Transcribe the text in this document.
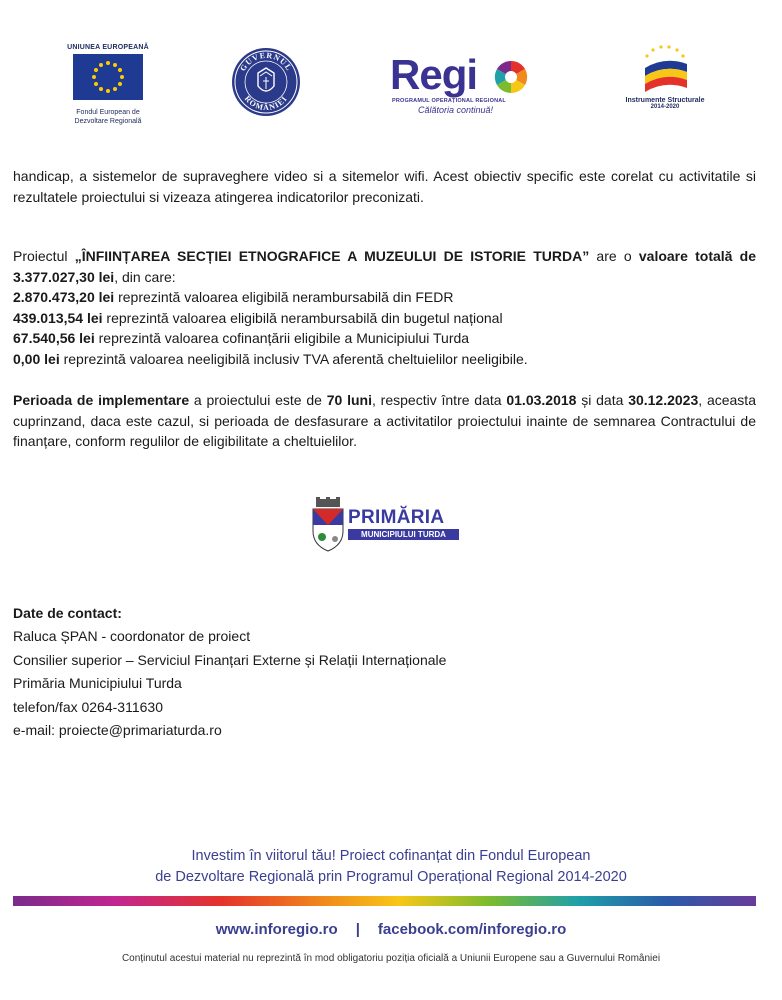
UNIUNEA EUROPEANĂ
Fondul European de
Dezvoltare Regională
GUVERNUL
ROMÂNIEI
Regi
PROGRAMUL OPERAȚIONAL REGIONAL
Călătoria continuă!
Instrumente Structurale
2014-2020

handicap, a sistemelor de supraveghere video si a sitemelor wifi. Acest obiectiv specific este corelat cu activitatile si rezultatele proiectului si vizeaza atingerea indicatorilor preconizati.

Proiectul „ÎNFIINȚAREA SECȚIEI ETNOGRAFICE A MUZEULUI DE ISTORIE TURDA” are o valoare totală de 3.377.027,30 lei, din care:

2.870.473,20 lei reprezintă valoarea eligibilă nerambursabilă din FEDR

439.013,54 lei reprezintă valoarea eligibilă nerambursabilă din bugetul național

67.540,56 lei reprezintă valoarea cofinanțării eligibile a Municipiului Turda

0,00 lei reprezintă valoarea neeligibilă inclusiv TVA aferentă cheltuielilor neeligibile.

Perioada de implementare a proiectului este de 70 luni, respectiv între data 01.03.2018 și data 30.12.2023, aceasta cuprinzand, daca este cazul, si perioada de desfasurare a activitatilor proiectului inainte de semnarea Contractului de finanțare, conform regulilor de eligibilitate a cheltuielilor.

PRIMĂRIA
MUNICIPIULUI TURDA

Date de contact:

Raluca ȘPAN - coordonator de proiect

Consilier superior – Serviciul Finanțari Externe și Relații Internaționale

Primăria Municipiului Turda

telefon/fax 0264-311630

e-mail: proiecte@primariaturda.ro

Investim în viitorul tău! Proiect cofinanțat din Fondul European
de Dezvoltare Regională prin Programul Operațional Regional 2014-2020
www.inforegio.ro | facebook.com/inforegio.ro
Conținutul acestui material nu reprezintă în mod obligatoriu poziția oficială a Uniunii Europene sau a Guvernului României
